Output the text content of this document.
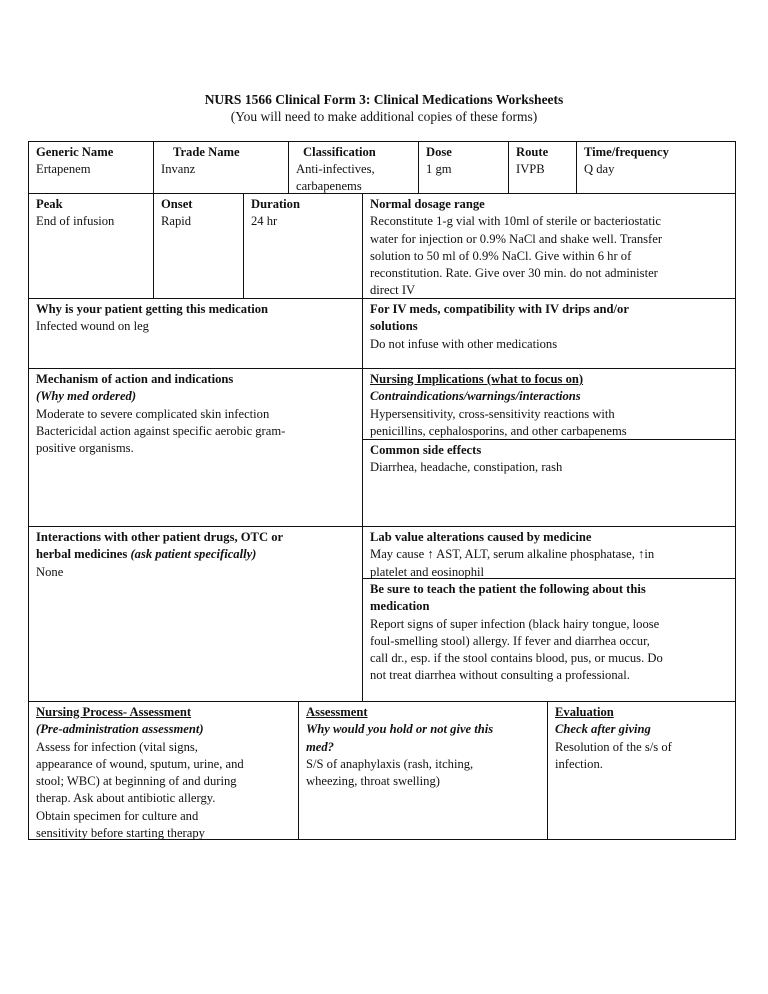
NURS 1566 Clinical Form 3: Clinical Medications Worksheets
(You will need to make additional copies of these forms)
Generic Name
Ertapenem
Trade Name
Invanz
Classification
Anti-infectives,
carbapenems
Dose
1 gm
Route
IVPB
Time/frequency
Q day
Peak
End of infusion
Onset
Rapid
Duration
24 hr
Normal dosage range
Reconstitute 1-g vial with 10ml of sterile or bacteriostatic
water for injection or 0.9% NaCl and shake well. Transfer
solution to 50 ml of 0.9% NaCl. Give within 6 hr of
reconstitution. Rate. Give over 30 min. do not administer
direct IV
Why is your patient getting this medication
Infected wound on leg
For IV meds, compatibility with IV drips and/or
solutions
Do not infuse with other medications
Mechanism of action and indications
(Why med ordered)
Moderate to severe complicated skin infection
Bactericidal action against specific aerobic gram-
positive organisms.
Nursing Implications (what to focus on)
Contraindications/warnings/interactions
Hypersensitivity, cross-sensitivity reactions with
penicillins, cephalosporins, and other carbapenems
Common side effects
Diarrhea, headache, constipation, rash
Interactions with other patient drugs, OTC or
herbal medicines (ask patient specifically)
None
Lab value alterations caused by medicine
May cause ↑ AST, ALT, serum alkaline phosphatase, ↑in
platelet and eosinophil
Be sure to teach the patient the following about this
medication
Report signs of super infection (black hairy tongue, loose
foul-smelling stool) allergy. If fever and diarrhea occur,
call dr., esp. if the stool contains blood, pus, or mucus. Do
not treat diarrhea without consulting a professional.
Nursing Process- Assessment
(Pre-administration assessment)
Assess for infection (vital signs,
appearance of wound, sputum, urine, and
stool; WBC) at beginning of and during
therap. Ask about antibiotic allergy.
Obtain specimen for culture and
sensitivity before starting therapy
Assessment
Why would you hold or not give this
med?
S/S of anaphylaxis (rash, itching,
wheezing, throat swelling)
Evaluation
Check after giving
Resolution of the s/s of
infection.
